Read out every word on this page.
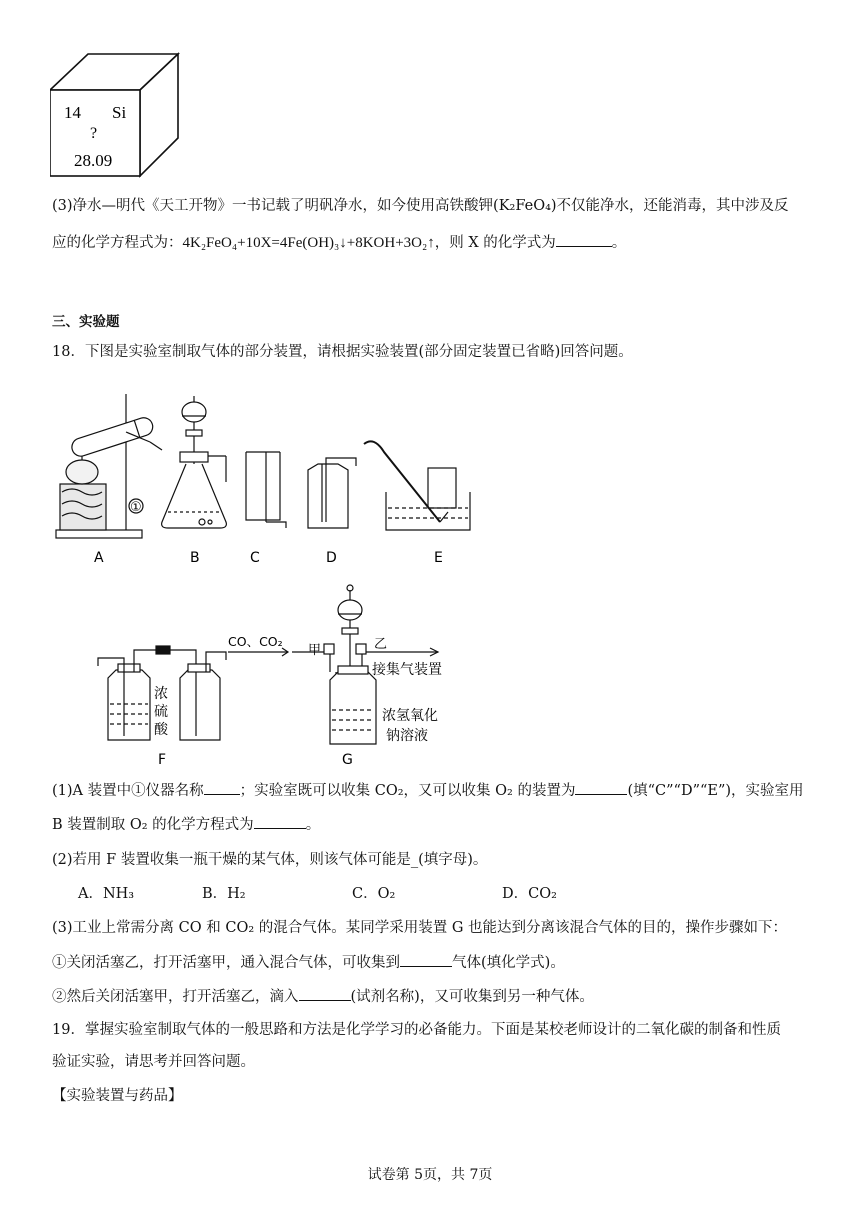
14 Si
?
28.09
(3)净水—明代《天工开物》一书记载了明矾净水，如今使用高铁酸钾(K₂FeO₄)不仅能净水，还能消毒，其中涉及反
应的化学方程式为：4K₂FeO₄+10X=4Fe(OH)₃↓+8KOH+3O₂↑，则 X 的化学式为	。
三、实验题
18．下图是实验室制取气体的部分装置，请根据实验装置(部分固定装置已省略)回答问题。
①
A	B	C	D	E
浓
硫
酸
F
CO、CO₂
甲	乙
接集气装置
浓氢氧化
钠溶液
G
(1)A 装置中①仪器名称 ；实验室既可以收集 CO₂，又可以收集 O₂ 的装置为	(填“C”“D”“E”)，实验室用
B 装置制取 O₂ 的化学方程式为	。
(2)若用 F 装置收集一瓶干燥的某气体，则该气体可能是_(填字母)。
A．NH₃	B．H₂	C．O₂	D．CO₂
(3)工业上常需分离 CO 和 CO₂ 的混合气体。某同学采用装置 G 也能达到分离该混合气体的目的，操作步骤如下：
①关闭活塞乙，打开活塞甲，通入混合气体，可收集到	气体(填化学式)。
②然后关闭活塞甲，打开活塞乙，滴入	(试剂名称)，又可收集到另一种气体。
19．掌握实验室制取气体的一般思路和方法是化学学习的必备能力。下面是某校老师设计的二氧化碳的制备和性质
验证实验，请思考并回答问题。
【实验装置与药品】
试卷第 5页，共 7页
